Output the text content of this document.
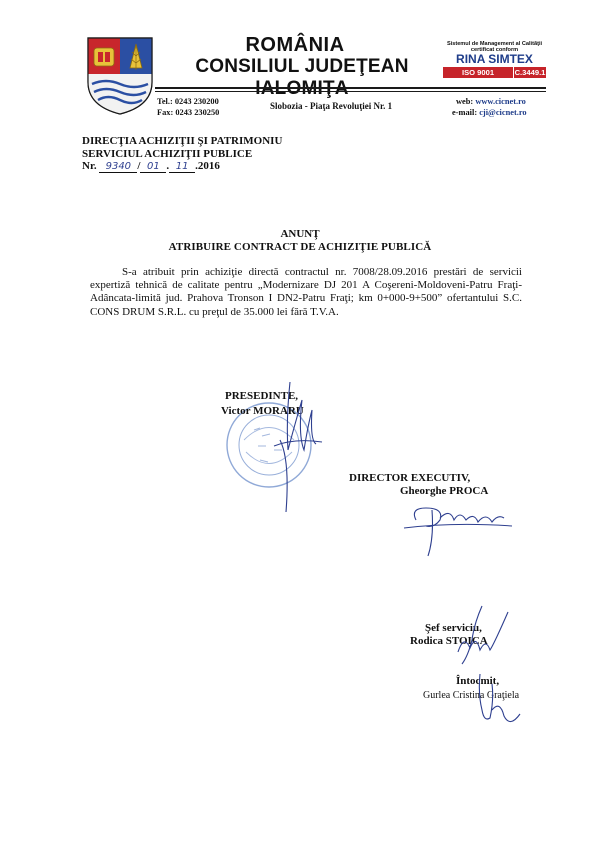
ROMÂNIA
CONSILIUL JUDEŢEAN IALOMIŢA
Sistemul de Management al Calităţii
certificat conform
RINA SIMTEX
ISO 9001 REGISTERED
C.3449.1
Tel.: 0243 230200
Fax: 0243 230250
Slobozia - Piaţa Revoluţiei Nr. 1	web: www.cicnet.ro
e-mail: cji@cicnet.ro
DIRECŢIA ACHIZIŢII ŞI PATRIMONIU
SERVICIUL ACHIZIŢII PUBLICE
Nr. 9340 / 01 . 11 .2016
ANUNŢ
ATRIBUIRE CONTRACT DE ACHIZIŢIE PUBLICĂ

S-a atribuit prin achiziţie directă contractul nr. 7008/28.09.2016 prestări de servicii expertiză tehnică de calitate pentru „Modernizare DJ 201 A Coşereni-Moldoveni-Patru Fraţi-Adâncata-limită jud. Prahova Tronson I DN2-Patru Fraţi; km 0+000-9+500” ofertantului S.C. CONS DRUM S.R.L. cu preţul de 35.000 lei fără T.V.A.

PRESEDINTE,
Victor MORARU
DIRECTOR EXECUTIV,
Gheorghe PROCA
Şef serviciu,
Rodica STOICA
Întocmit,
Gurlea Cristina Graţiela
